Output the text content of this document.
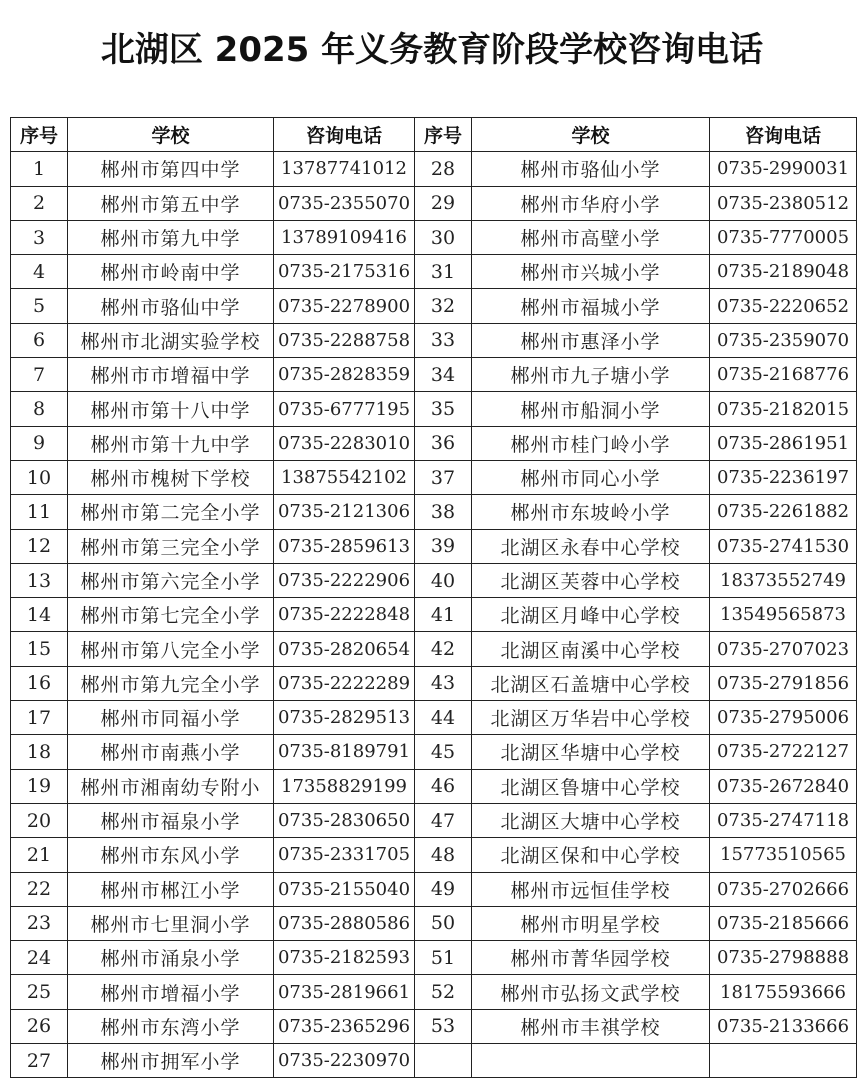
北湖区 2025 年义务教育阶段学校咨询电话
序号	学校	咨询电话	序号	学校	咨询电话
1	郴州市第四中学	13787741012	28	郴州市骆仙小学	0735-2990031
2	郴州市第五中学	0735-2355070	29	郴州市华府小学	0735-2380512
3	郴州市第九中学	13789109416	30	郴州市高壁小学	0735-7770005
4	郴州市岭南中学	0735-2175316	31	郴州市兴城小学	0735-2189048
5	郴州市骆仙中学	0735-2278900	32	郴州市福城小学	0735-2220652
6	郴州市北湖实验学校	0735-2288758	33	郴州市惠泽小学	0735-2359070
7	郴州市市增福中学	0735-2828359	34	郴州市九子塘小学	0735-2168776
8	郴州市第十八中学	0735-6777195	35	郴州市船洞小学	0735-2182015
9	郴州市第十九中学	0735-2283010	36	郴州市桂门岭小学	0735-2861951
10	郴州市槐树下学校	13875542102	37	郴州市同心小学	0735-2236197
11	郴州市第二完全小学	0735-2121306	38	郴州市东坡岭小学	0735-2261882
12	郴州市第三完全小学	0735-2859613	39	北湖区永春中心学校	0735-2741530
13	郴州市第六完全小学	0735-2222906	40	北湖区芙蓉中心学校	18373552749
14	郴州市第七完全小学	0735-2222848	41	北湖区月峰中心学校	13549565873
15	郴州市第八完全小学	0735-2820654	42	北湖区南溪中心学校	0735-2707023
16	郴州市第九完全小学	0735-2222289	43	北湖区石盖塘中心学校	0735-2791856
17	郴州市同福小学	0735-2829513	44	北湖区万华岩中心学校	0735-2795006
18	郴州市南燕小学	0735-8189791	45	北湖区华塘中心学校	0735-2722127
19	郴州市湘南幼专附小	17358829199	46	北湖区鲁塘中心学校	0735-2672840
20	郴州市福泉小学	0735-2830650	47	北湖区大塘中心学校	0735-2747118
21	郴州市东风小学	0735-2331705	48	北湖区保和中心学校	15773510565
22	郴州市郴江小学	0735-2155040	49	郴州市远恒佳学校	0735-2702666
23	郴州市七里洞小学	0735-2880586	50	郴州市明星学校	0735-2185666
24	郴州市涌泉小学	0735-2182593	51	郴州市菁华园学校	0735-2798888
25	郴州市增福小学	0735-2819661	52	郴州市弘扬文武学校	18175593666
26	郴州市东湾小学	0735-2365296	53	郴州市丰祺学校	0735-2133666
27	郴州市拥军小学	0735-2230970			
